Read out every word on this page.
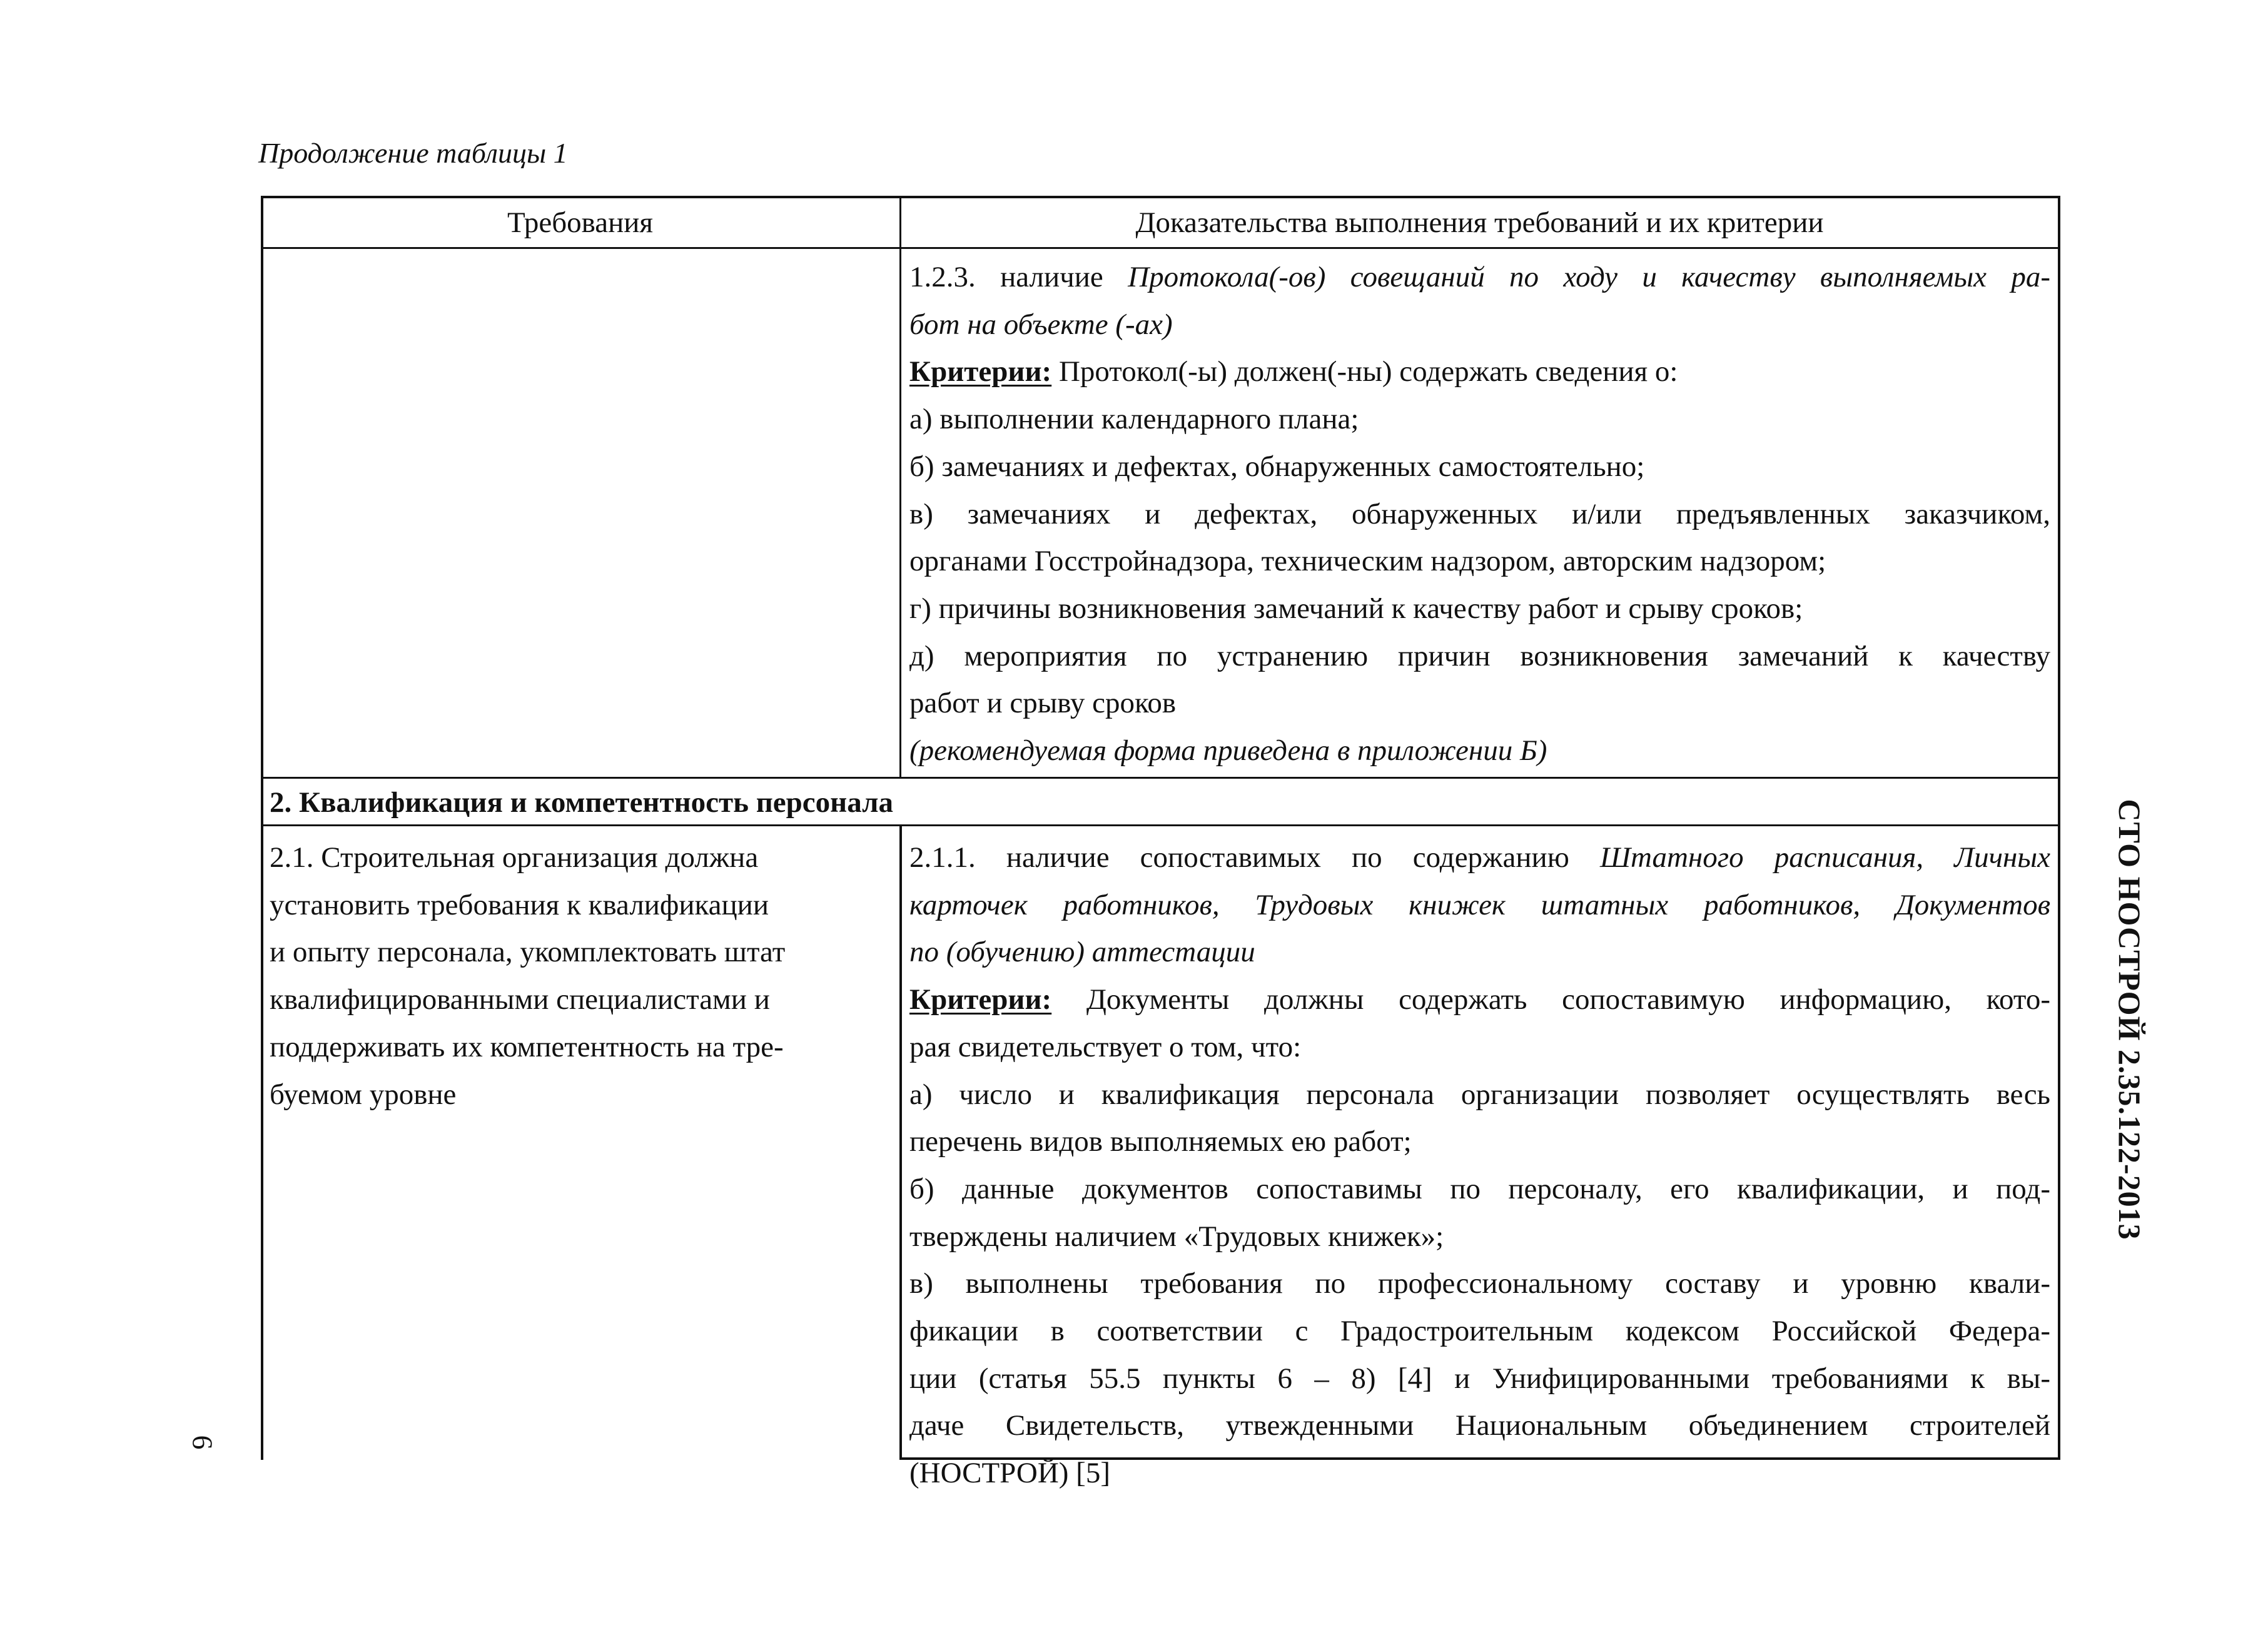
Продолжение таблицы 1
Требования	Доказательства выполнения требований и их критерии
1.2.3. наличие Протокола(-ов) совещаний по ходу и качеству выполняемых ра-
бот на объекте (-ах)
Критерии: Протокол(-ы) должен(-ны) содержать сведения о:
а) выполнении календарного плана;
б) замечаниях и дефектах, обнаруженных самостоятельно;
в) замечаниях и дефектах, обнаруженных и/или предъявленных заказчиком,
органами Госстройнадзора, техническим надзором, авторским надзором;
г) причины возникновения замечаний к качеству работ и срыву сроков;
д) мероприятия по устранению причин возникновения замечаний к качеству
работ и срыву сроков
(рекомендуемая форма приведена в приложении Б)
2. Квалификация и компетентность персонала
2.1. Строительная организация должна
установить требования к квалификации
и опыту персонала, укомплектовать штат
квалифицированными специалистами и
поддерживать их компетентность на тре-
буемом уровне
2.1.1. наличие сопоставимых по содержанию Штатного расписания, Личных
карточек работников, Трудовых книжек штатных работников, Документов
по (обучению) аттестации
Критерии: Документы должны содержать сопоставимую информацию, кото-
рая свидетельствует о том, что:
а) число и квалификация персонала организации позволяет осуществлять весь
перечень видов выполняемых ею работ;
б) данные документов сопоставимы по персоналу, его квалификации, и под-
тверждены наличием «Трудовых книжек»;
в) выполнены требования по профессиональному составу и уровню квали-
фикации в соответствии с Градостроительным кодексом Российской Федера-
ции (статья 55.5 пункты 6 – 8) [4] и Унифицированными требованиями к вы-
даче Свидетельств, утвежденными Национальным объединением строителей
(НОСТРОЙ) [5]
СТО НОСТРОЙ 2.35.122-2013
6
